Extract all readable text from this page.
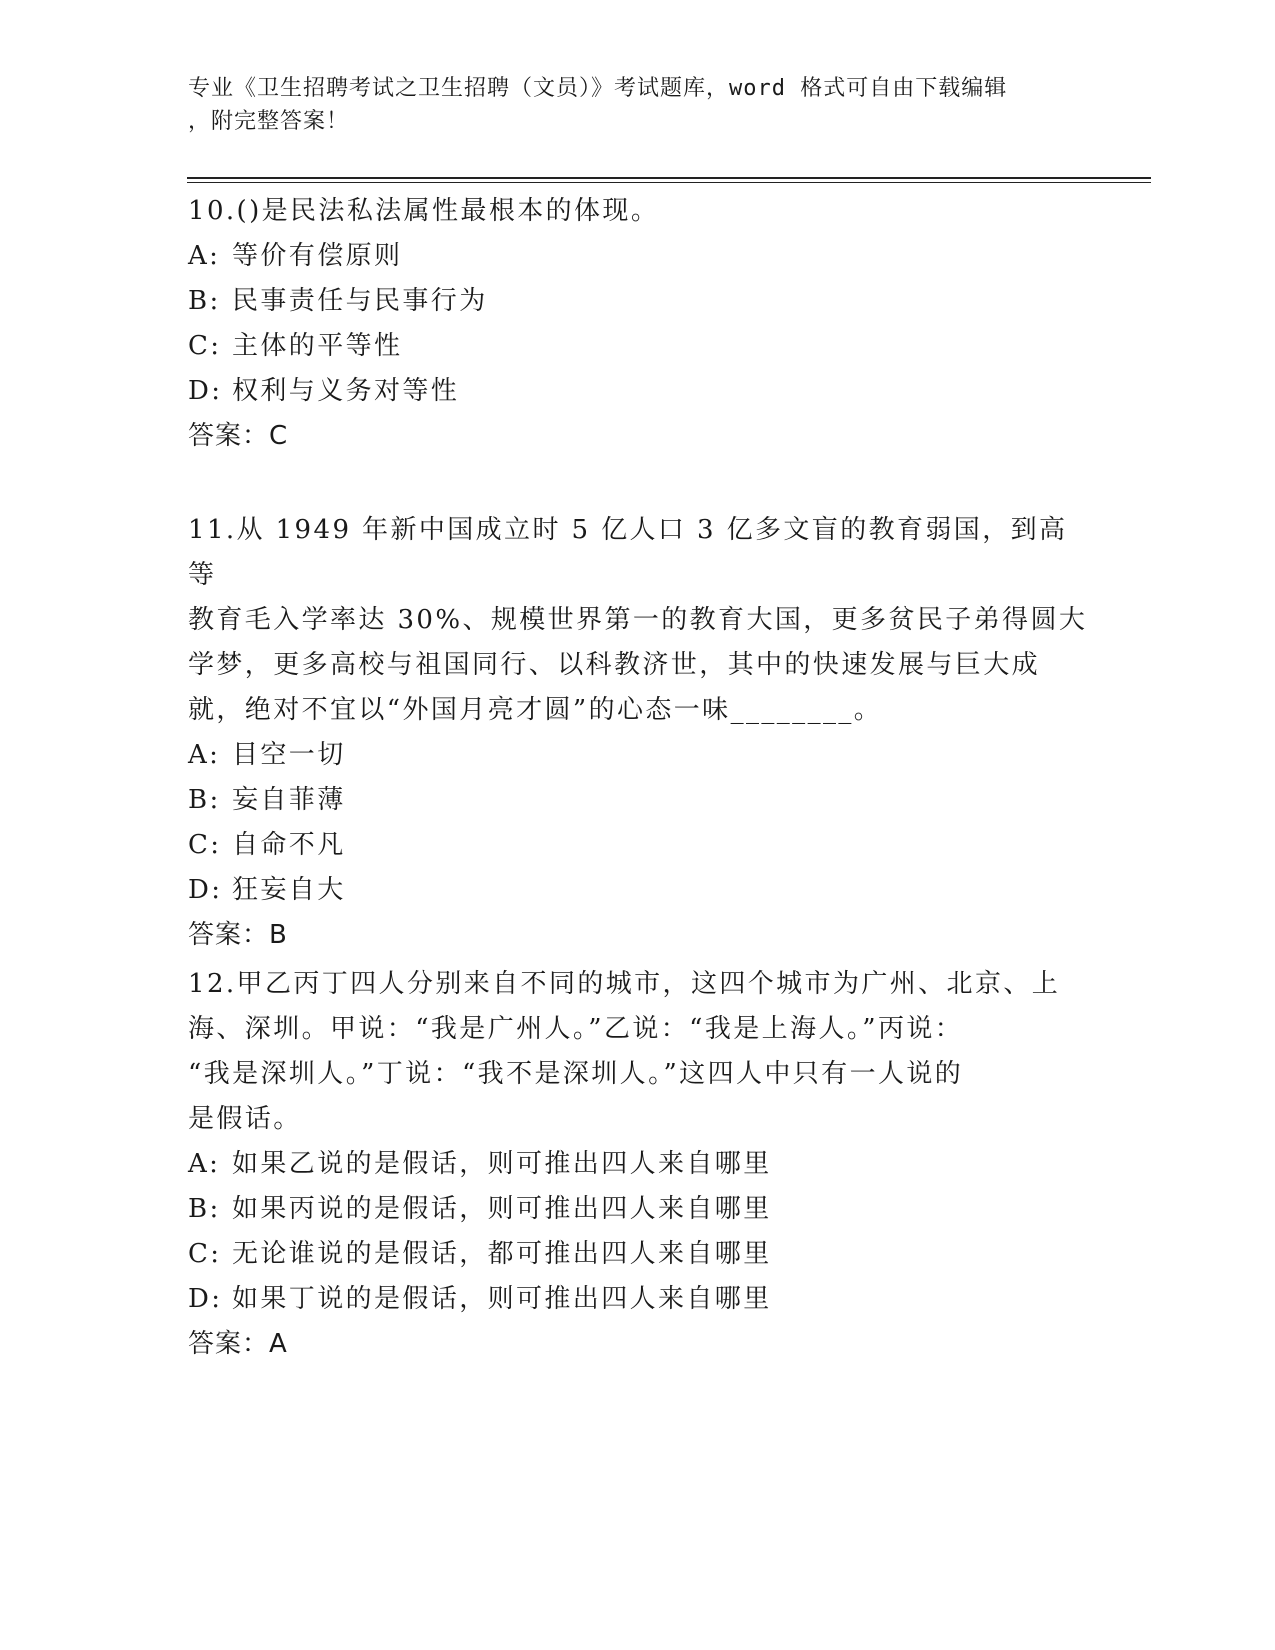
专业《卫生招聘考试之卫生招聘（文员）》考试题库，word 格式可自由下载编辑
，附完整答案！

10.()是民法私法属性最根本的体现。

A: 等价有偿原则

B: 民事责任与民事行为

C: 主体的平等性

D: 权利与义务对等性

答案：C

11.从 1949 年新中国成立时 5 亿人口 3 亿多文盲的教育弱国，到高等

教育毛入学率达 30%、规模世界第一的教育大国，更多贫民子弟得圆大

学梦，更多高校与祖国同行、以科教济世，其中的快速发展与巨大成

就，绝对不宜以“外国月亮才圆”的心态一味________。

A: 目空一切

B: 妄自菲薄

C: 自命不凡

D: 狂妄自大

答案：B

12.甲乙丙丁四人分别来自不同的城市，这四个城市为广州、北京、上

海、深圳。甲说：“我是广州人。”乙说：“我是上海人。”丙说：

“我是深圳人。”丁说：“我不是深圳人。”这四人中只有一人说的

是假话。

A: 如果乙说的是假话，则可推出四人来自哪里

B: 如果丙说的是假话，则可推出四人来自哪里

C: 无论谁说的是假话，都可推出四人来自哪里

D: 如果丁说的是假话，则可推出四人来自哪里

答案：A
